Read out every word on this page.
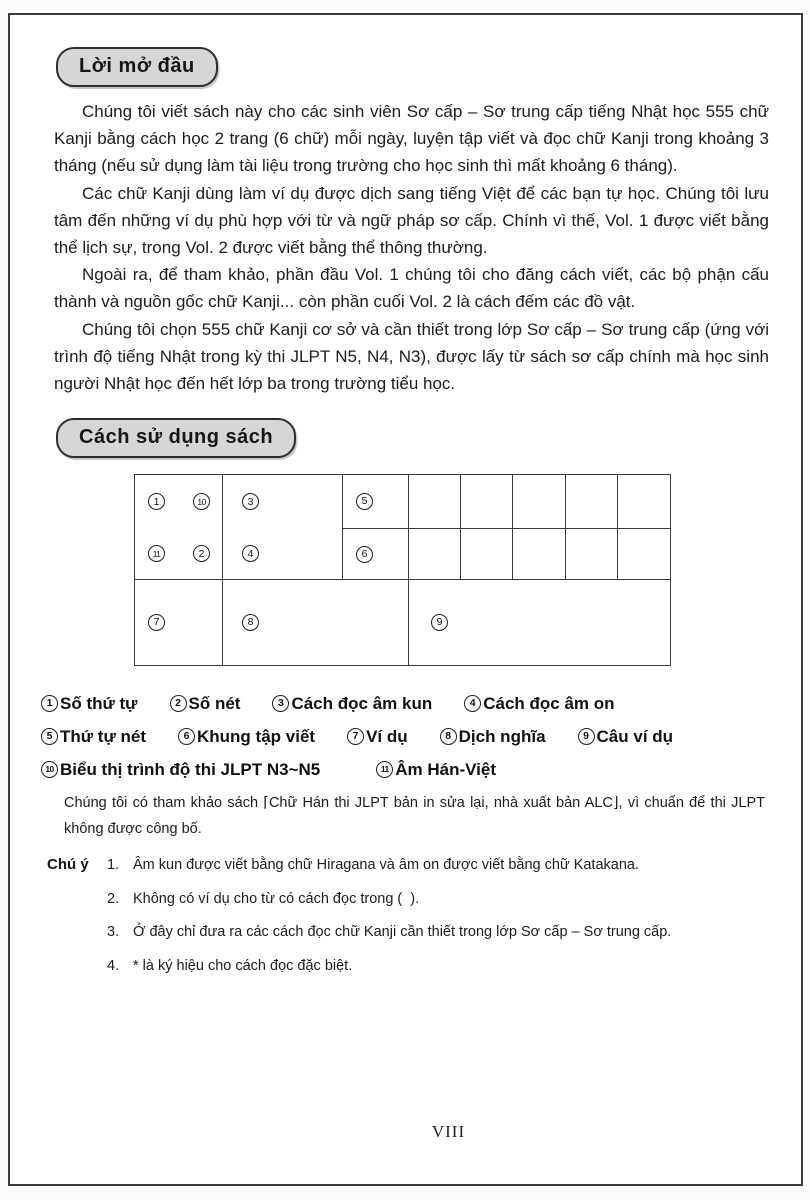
Lời mở đầu

Chúng tôi viết sách này cho các sinh viên Sơ cấp – Sơ trung cấp tiếng Nhật học 555 chữ Kanji bằng cách học 2 trang (6 chữ) mỗi ngày, luyện tập viết và đọc chữ Kanji trong khoảng 3 tháng (nếu sử dụng làm tài liệu trong trường cho học sinh thì mất khoảng 6 tháng).

Các chữ Kanji dùng làm ví dụ được dịch sang tiếng Việt để các bạn tự học. Chúng tôi lưu tâm đến những ví dụ phù hợp với từ và ngữ pháp sơ cấp. Chính vì thế, Vol. 1 được viết bằng thể lịch sự, trong Vol. 2 được viết bằng thể thông thường.

Ngoài ra, để tham khảo, phần đầu Vol. 1 chúng tôi cho đăng cách viết, các bộ phận cấu thành và nguồn gốc chữ Kanji... còn phần cuối Vol. 2 là cách đếm các đồ vật.

Chúng tôi chọn 555 chữ Kanji cơ sở và cần thiết trong lớp Sơ cấp – Sơ trung cấp (ứng với trình độ tiếng Nhật trong kỳ thi JLPT N5, N4, N3), được lấy từ sách sơ cấp chính mà học sinh người Nhật học đến hết lớp ba trong trường tiểu học.

Cách sử dụng sách
1	10
11	2
3
4
5
6
7	8	9
1 Số thứ tự	2 Số nét	3 Cách đọc âm kun	4 Cách đọc âm on
5 Thứ tự nét	6 Khung tập viết	7 Ví dụ	8 Dịch nghĩa	9 Câu ví dụ
10 Biểu thị trình độ thi JLPT N3~N5	11 Âm Hán-Việt
Chúng tôi có tham khảo sách ⌈Chữ Hán thi JLPT bản in sửa lại, nhà xuất bản ALC⌋, vì chuẩn để thi JLPT không được công bố.
Chú ý	1. Âm kun được viết bằng chữ Hiragana và âm on được viết bằng chữ Katakana.
2. Không có ví dụ cho từ có cách đọc trong (  ).
3. Ở đây chỉ đưa ra các cách đọc chữ Kanji cần thiết trong lớp Sơ cấp – Sơ trung cấp.
4. * là ký hiệu cho cách đọc đặc biệt.
VIII
